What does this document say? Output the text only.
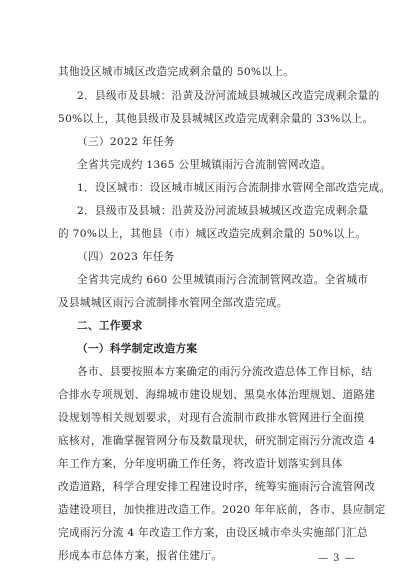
其他设区城市城区改造完成剩余量的 50%以上。
2．县级市及县城：沿黄及汾河流域县城城区改造完成剩余量的
50%以上，其他县级市及县城城区改造完成剩余量的 33%以上。
（三）2022 年任务
全省共完成约 1365 公里城镇雨污合流制管网改造。
1．设区城市：设区城市城区雨污合流制排水管网全部改造完成。
2．县级市及县城：沿黄及汾河流域县城城区改造完成剩余量
的 70%以上，其他县（市）城区改造完成剩余量的 50%以上。
（四）2023 年任务
全省共完成约 660 公里城镇雨污合流制管网改造。全省城市
及县城城区雨污合流制排水管网全部改造完成。
二、工作要求
（一）科学制定改造方案
各市、县要按照本方案确定的雨污分流改造总体工作目标，结
合排水专项规划、海绵城市建设规划、黑臭水体治理规划、道路建
设规划等相关规划要求，对现有合流制市政排水管网进行全面摸
底核对，准确掌握管网分布及数量现状，研究制定雨污分流改造 4
年工作方案，分年度明确工作任务，将改造计划落实到具体
改造道路，科学合理安排工程建设时序，统筹实施雨污合流管网改
造建设项目，加快推进改造工作。2020 年年底前，各市、县应制定
完成雨污分流 4 年改造工作方案，由设区城市牵头实施部门汇总
形成本市总体方案，报省住建厅。	— 3 —
